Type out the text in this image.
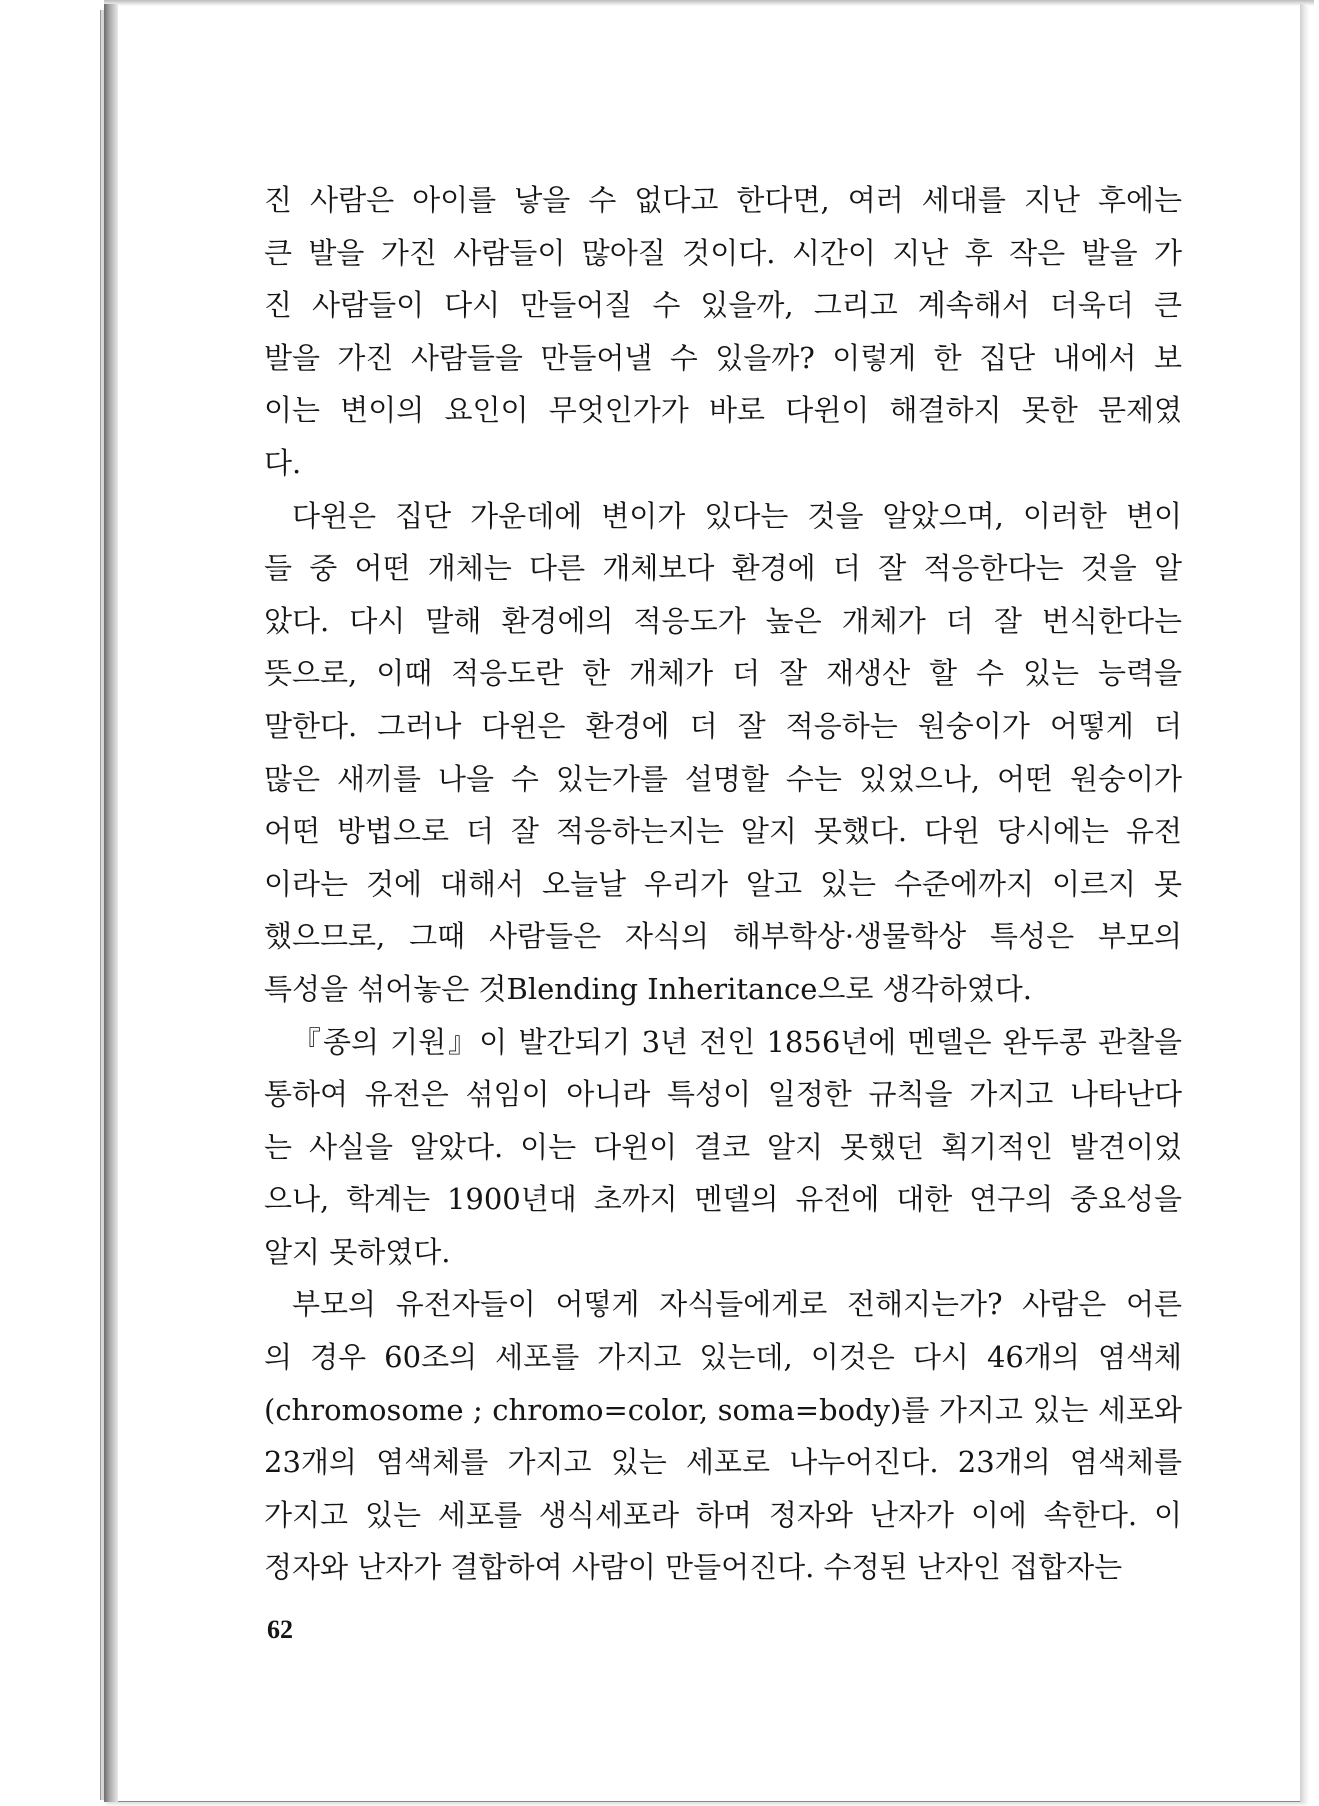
진 사람은 아이를 낳을 수 없다고 한다면, 여러 세대를 지난 후에는
큰 발을 가진 사람들이 많아질 것이다. 시간이 지난 후 작은 발을 가
진 사람들이 다시 만들어질 수 있을까, 그리고 계속해서 더욱더 큰
발을 가진 사람들을 만들어낼 수 있을까? 이렇게 한 집단 내에서 보
이는 변이의 요인이 무엇인가가 바로 다윈이 해결하지 못한 문제였
다.
다윈은 집단 가운데에 변이가 있다는 것을 알았으며, 이러한 변이
들 중 어떤 개체는 다른 개체보다 환경에 더 잘 적응한다는 것을 알
았다. 다시 말해 환경에의 적응도가 높은 개체가 더 잘 번식한다는
뜻으로, 이때 적응도란 한 개체가 더 잘 재생산 할 수 있는 능력을
말한다. 그러나 다윈은 환경에 더 잘 적응하는 원숭이가 어떻게 더
많은 새끼를 나을 수 있는가를 설명할 수는 있었으나, 어떤 원숭이가
어떤 방법으로 더 잘 적응하는지는 알지 못했다. 다윈 당시에는 유전
이라는 것에 대해서 오늘날 우리가 알고 있는 수준에까지 이르지 못
했으므로, 그때 사람들은 자식의 해부학상·생물학상 특성은 부모의
특성을 섞어놓은 것Blending Inheritance으로 생각하였다.
『종의 기원』이 발간되기 3년 전인 1856년에 멘델은 완두콩 관찰을
통하여 유전은 섞임이 아니라 특성이 일정한 규칙을 가지고 나타난다
는 사실을 알았다. 이는 다윈이 결코 알지 못했던 획기적인 발견이었
으나, 학계는 1900년대 초까지 멘델의 유전에 대한 연구의 중요성을
알지 못하였다.
부모의 유전자들이 어떻게 자식들에게로 전해지는가? 사람은 어른
의 경우 60조의 세포를 가지고 있는데, 이것은 다시 46개의 염색체
(chromosome ; chromo=color, soma=body)를 가지고 있는 세포와
23개의 염색체를 가지고 있는 세포로 나누어진다. 23개의 염색체를
가지고 있는 세포를 생식세포라 하며 정자와 난자가 이에 속한다. 이
정자와 난자가 결합하여 사람이 만들어진다. 수정된 난자인 접합자는
62
